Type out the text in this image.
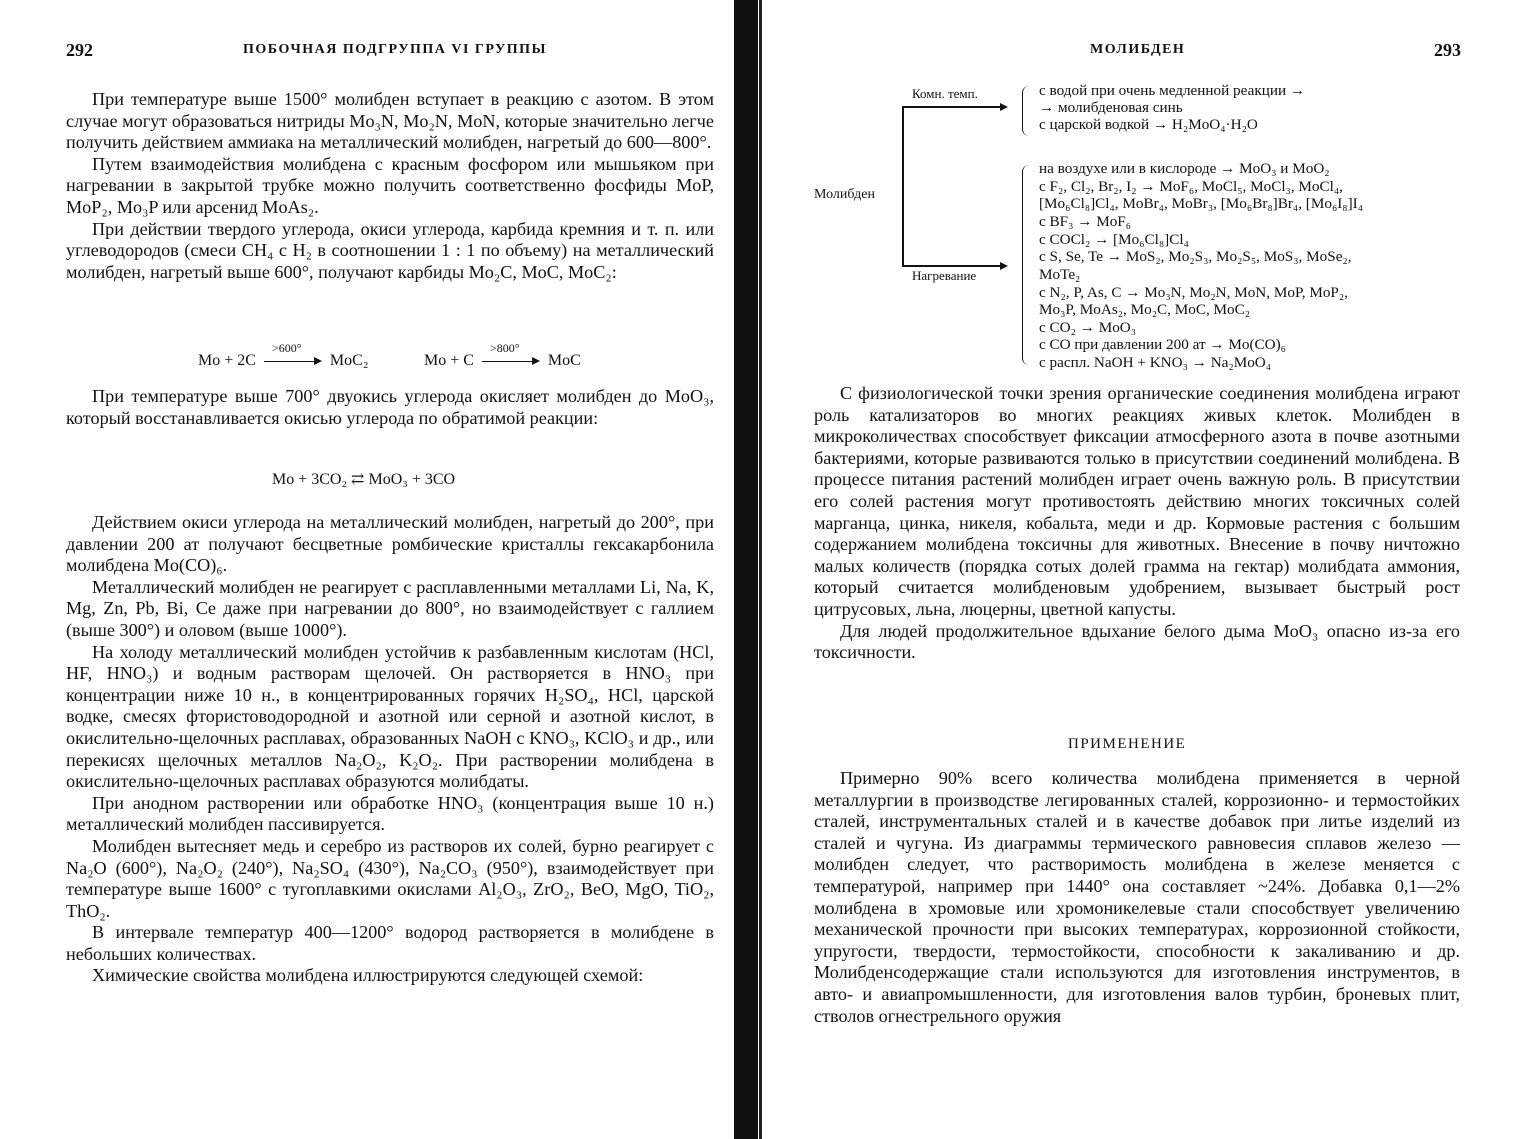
292	ПОБОЧНАЯ ПОДГРУППА VI ГРУППЫ

При температуре выше 1500° молибден вступает в реакцию с азотом. В этом случае могут образоваться нитриды Mo₃N, Mo₂N, MoN, которые значительно легче получить действием аммиака на металлический молибден, нагретый до 600—800°.

Путем взаимодействия молибдена с красным фосфором или мышьяком при нагревании в закрытой трубке можно получить соответственно фосфиды MoP, MoP₂, Mo₃P или арсенид MoAs₂.

При действии твердого углерода, окиси углерода, карбида кремния и т. п. или углеводородов (смеси CH₄ с H₂ в соотношении 1 : 1 по объему) на металлический молибден, нагретый выше 600°, получают карбиды Mo₂C, MoC, MoC₂:

Mo + 2C
>600°
MoC₂	Mo + C
>800°
MoC

При температуре выше 700° двуокись углерода окисляет молибден до MoO₃, который восстанавливается окисью углерода по обратимой реакции:

Mo + 3CO₂ ⇄ MoO₃ + 3CO

Действием окиси углерода на металлический молибден, нагретый до 200°, при давлении 200 ат получают бесцветные ромбические кристаллы гексакарбонила молибдена Mo(CO)₆.

Металлический молибден не реагирует с расплавленными металлами Li, Na, K, Mg, Zn, Pb, Bi, Ce даже при нагревании до 800°, но взаимодействует с галлием (выше 300°) и оловом (выше 1000°).

На холоду металлический молибден устойчив к разбавленным кислотам (HCl, HF, HNO₃) и водным растворам щелочей. Он растворяется в HNO₃ при концентрации ниже 10 н., в концентрированных горячих H₂SO₄, HCl, царской водке, смесях фтористоводородной и азотной или серной и азотной кислот, в окислительно-щелочных расплавах, образованных NaOH с KNO₃, KClO₃ и др., или перекисях щелочных металлов Na₂O₂, K₂O₂. При растворении молибдена в окислительно-щелочных расплавах образуются молибдаты.

При анодном растворении или обработке HNO₃ (концентрация выше 10 н.) металлический молибден пассивируется.

Молибден вытесняет медь и серебро из растворов их солей, бурно реагирует с Na₂O (600°), Na₂O₂ (240°), Na₂SO₄ (430°), Na₂CO₃ (950°), взаимодействует при температуре выше 1600° с тугоплавкими окислами Al₂O₃, ZrO₂, BeO, MgO, TiO₂, ThO₂.

В интервале температур 400—1200° водород растворяется в молибдене в небольших количествах.

Химические свойства молибдена иллюстрируются следующей схемой:

МОЛИБДЕН	293
Молибден
Комн. темп.
Нагревание
с водой при очень медленной реакции →
→ молибденовая синь
с царской водкой → H₂MoO₄·H₂O
на воздухе или в кислороде → MoO₃ и MoO₂
с F₂, Cl₂, Br₂, I₂ → MoF₆, MoCl₅, MoCl₃, MoCl₄,
[Mo₆Cl₈]Cl₄, MoBr₄, MoBr₃, [Mo₆Br₈]Br₄, [Mo₆I₈]I₄
с BF₃ → MoF₆
с COCl₂ → [Mo₆Cl₈]Cl₄
с S, Se, Te → MoS₂, Mo₂S₃, Mo₂S₅, MoS₃, MoSe₂,
MoTe₂
с N₂, P, As, C → Mo₃N, Mo₂N, MoN, MoP, MoP₂,
Mo₃P, MoAs₂, Mo₂C, MoC, MoC₂
с CO₂ → MoO₃
с CO при давлении 200 ат → Mo(CO)₆
с распл. NaOH + KNO₃ → Na₂MoO₄

С физиологической точки зрения органические соединения молибдена играют роль катализаторов во многих реакциях живых клеток. Молибден в микроколичествах способствует фиксации атмосферного азота в почве азотными бактериями, которые развиваются только в присутствии соединений молибдена. В процессе питания растений молибден играет очень важную роль. В присутствии его солей растения могут противостоять действию многих токсичных солей марганца, цинка, никеля, кобальта, меди и др. Кормовые растения с большим содержанием молибдена токсичны для животных. Внесение в почву ничтожно малых количеств (порядка сотых долей грамма на гектар) молибдата аммония, который считается молибденовым удобрением, вызывает быстрый рост цитрусовых, льна, люцерны, цветной капусты.

Для людей продолжительное вдыхание белого дыма MoO₃ опасно из-за его токсичности.

ПРИМЕНЕНИЕ

Примерно 90% всего количества молибдена применяется в черной металлургии в производстве легированных сталей, коррозионно- и термостойких сталей, инструментальных сталей и в качестве добавок при литье изделий из сталей и чугуна. Из диаграммы термического равновесия сплавов железо — молибден следует, что растворимость молибдена в железе меняется с температурой, например при 1440° она составляет ~24%. Добавка 0,1—2% молибдена в хромовые или хромоникелевые стали способствует увеличению механической прочности при высоких температурах, коррозионной стойкости, упругости, твердости, термостойкости, способности к закаливанию и др. Молибденсодержащие стали используются для изготовления инструментов, в авто- и авиапромышленности, для изготовления валов турбин, броневых плит, стволов огнестрельного оружия
